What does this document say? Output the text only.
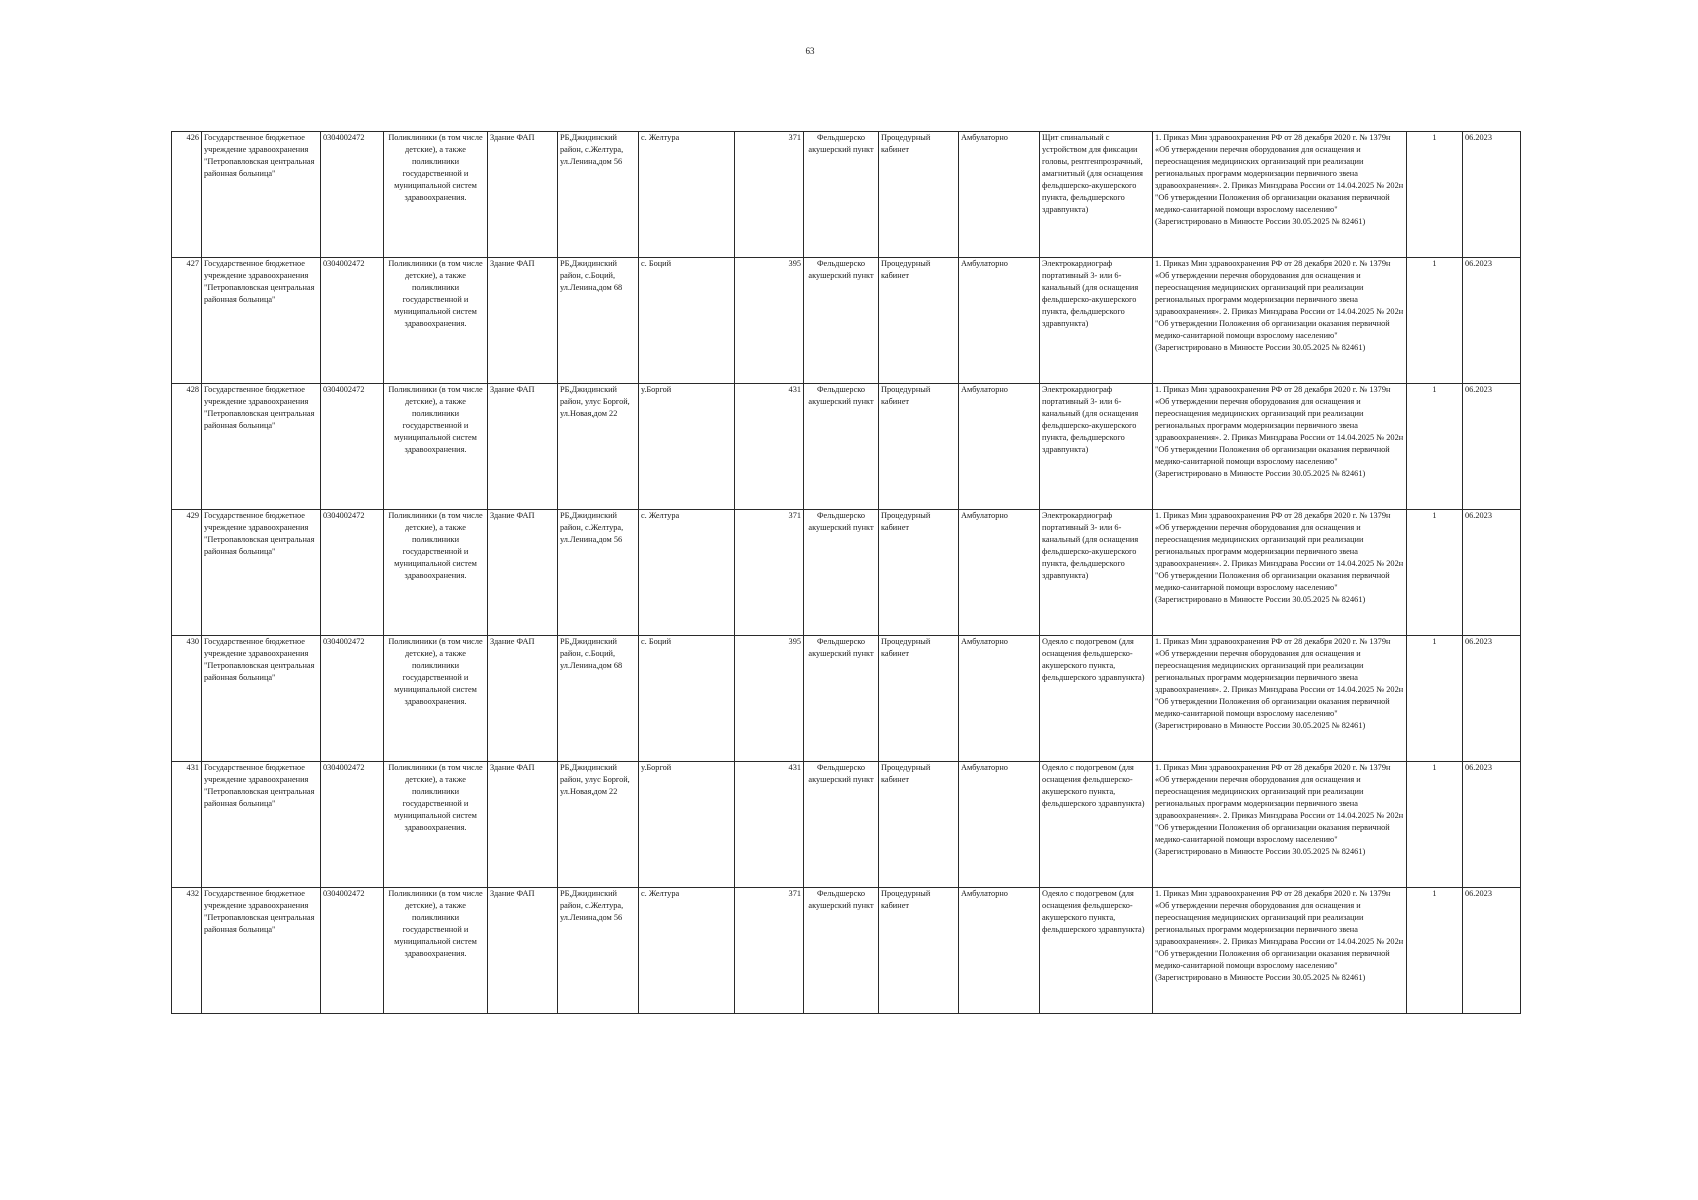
63
426	Государственное бюджетное учреждение здравоохранения "Петропавловская центральная районная больница"	0304002472	Поликлиники (в том числе детские), а также поликлиники государственной и муниципальной систем здравоохранения.	Здание ФАП	РБ,Джидинский район, с.Желтура, ул.Ленина,дом 56	с. Желтура	371	Фельдшерско акушерский пункт	Процедурный кабинет	Амбулаторно	Щит спинальный с устройством для фиксации головы, рентгенпрозрачный, амагнитный (для оснащения фельдшерско-акушерского пункта, фельдшерского здравпункта)	1. Приказ Мин здравоохранения РФ от 28 декабря 2020 г. № 1379н «Об утверждении перечня оборудования для оснащения и переоснащения медицинских организаций при реализации региональных программ модернизации первичного звена здравоохранения». 2. Приказ Минздрава России от 14.04.2025 № 202н "Об утверждении Положения об организации оказания первичной медико-санитарной помощи взрослому населению" (Зарегистрировано в Минюсте России 30.05.2025 № 82461)	1	06.2023
427	Государственное бюджетное учреждение здравоохранения "Петропавловская центральная районная больница"	0304002472	Поликлиники (в том числе детские), а также поликлиники государственной и муниципальной систем здравоохранения.	Здание ФАП	РБ,Джидинский район, с.Боций, ул.Ленина,дом 68	с. Боций	395	Фельдшерско акушерский пункт	Процедурный кабинет	Амбулаторно	Электрокардиограф портативный 3- или 6-канальный (для оснащения фельдшерско-акушерского пункта, фельдшерского здравпункта)	1. Приказ Мин здравоохранения РФ от 28 декабря 2020 г. № 1379н «Об утверждении перечня оборудования для оснащения и переоснащения медицинских организаций при реализации региональных программ модернизации первичного звена здравоохранения». 2. Приказ Минздрава России от 14.04.2025 № 202н "Об утверждении Положения об организации оказания первичной медико-санитарной помощи взрослому населению" (Зарегистрировано в Минюсте России 30.05.2025 № 82461)	1	06.2023
428	Государственное бюджетное учреждение здравоохранения "Петропавловская центральная районная больница"	0304002472	Поликлиники (в том числе детские), а также поликлиники государственной и муниципальной систем здравоохранения.	Здание ФАП	РБ,Джидинский район, улус Боргой, ул.Новая,дом 22	у.Боргой	431	Фельдшерско акушерский пункт	Процедурный кабинет	Амбулаторно	Электрокардиограф портативный 3- или 6-канальный (для оснащения фельдшерско-акушерского пункта, фельдшерского здравпункта)	1. Приказ Мин здравоохранения РФ от 28 декабря 2020 г. № 1379н «Об утверждении перечня оборудования для оснащения и переоснащения медицинских организаций при реализации региональных программ модернизации первичного звена здравоохранения». 2. Приказ Минздрава России от 14.04.2025 № 202н "Об утверждении Положения об организации оказания первичной медико-санитарной помощи взрослому населению" (Зарегистрировано в Минюсте России 30.05.2025 № 82461)	1	06.2023
429	Государственное бюджетное учреждение здравоохранения "Петропавловская центральная районная больница"	0304002472	Поликлиники (в том числе детские), а также поликлиники государственной и муниципальной систем здравоохранения.	Здание ФАП	РБ,Джидинский район, с.Желтура, ул.Ленина,дом 56	с. Желтура	371	Фельдшерско акушерский пункт	Процедурный кабинет	Амбулаторно	Электрокардиограф портативный 3- или 6-канальный (для оснащения фельдшерско-акушерского пункта, фельдшерского здравпункта)	1. Приказ Мин здравоохранения РФ от 28 декабря 2020 г. № 1379н «Об утверждении перечня оборудования для оснащения и переоснащения медицинских организаций при реализации региональных программ модернизации первичного звена здравоохранения». 2. Приказ Минздрава России от 14.04.2025 № 202н "Об утверждении Положения об организации оказания первичной медико-санитарной помощи взрослому населению" (Зарегистрировано в Минюсте России 30.05.2025 № 82461)	1	06.2023
430	Государственное бюджетное учреждение здравоохранения "Петропавловская центральная районная больница"	0304002472	Поликлиники (в том числе детские), а также поликлиники государственной и муниципальной систем здравоохранения.	Здание ФАП	РБ,Джидинский район, с.Боций, ул.Ленина,дом 68	с. Боций	395	Фельдшерско акушерский пункт	Процедурный кабинет	Амбулаторно	Одеяло с подогревом (для оснащения фельдшерско-акушерского пункта, фельдшерского здравпункта)	1. Приказ Мин здравоохранения РФ от 28 декабря 2020 г. № 1379н «Об утверждении перечня оборудования для оснащения и переоснащения медицинских организаций при реализации региональных программ модернизации первичного звена здравоохранения». 2. Приказ Минздрава России от 14.04.2025 № 202н "Об утверждении Положения об организации оказания первичной медико-санитарной помощи взрослому населению" (Зарегистрировано в Минюсте России 30.05.2025 № 82461)	1	06.2023
431	Государственное бюджетное учреждение здравоохранения "Петропавловская центральная районная больница"	0304002472	Поликлиники (в том числе детские), а также поликлиники государственной и муниципальной систем здравоохранения.	Здание ФАП	РБ,Джидинский район, улус Боргой, ул.Новая,дом 22	у.Боргой	431	Фельдшерско акушерский пункт	Процедурный кабинет	Амбулаторно	Одеяло с подогревом (для оснащения фельдшерско-акушерского пункта, фельдшерского здравпункта)	1. Приказ Мин здравоохранения РФ от 28 декабря 2020 г. № 1379н «Об утверждении перечня оборудования для оснащения и переоснащения медицинских организаций при реализации региональных программ модернизации первичного звена здравоохранения». 2. Приказ Минздрава России от 14.04.2025 № 202н "Об утверждении Положения об организации оказания первичной медико-санитарной помощи взрослому населению" (Зарегистрировано в Минюсте России 30.05.2025 № 82461)	1	06.2023
432	Государственное бюджетное учреждение здравоохранения "Петропавловская центральная районная больница"	0304002472	Поликлиники (в том числе детские), а также поликлиники государственной и муниципальной систем здравоохранения.	Здание ФАП	РБ,Джидинский район, с.Желтура, ул.Ленина,дом 56	с. Желтура	371	Фельдшерско акушерский пункт	Процедурный кабинет	Амбулаторно	Одеяло с подогревом (для оснащения фельдшерско-акушерского пункта, фельдшерского здравпункта)	1. Приказ Мин здравоохранения РФ от 28 декабря 2020 г. № 1379н «Об утверждении перечня оборудования для оснащения и переоснащения медицинских организаций при реализации региональных программ модернизации первичного звена здравоохранения». 2. Приказ Минздрава России от 14.04.2025 № 202н "Об утверждении Положения об организации оказания первичной медико-санитарной помощи взрослому населению" (Зарегистрировано в Минюсте России 30.05.2025 № 82461)	1	06.2023
